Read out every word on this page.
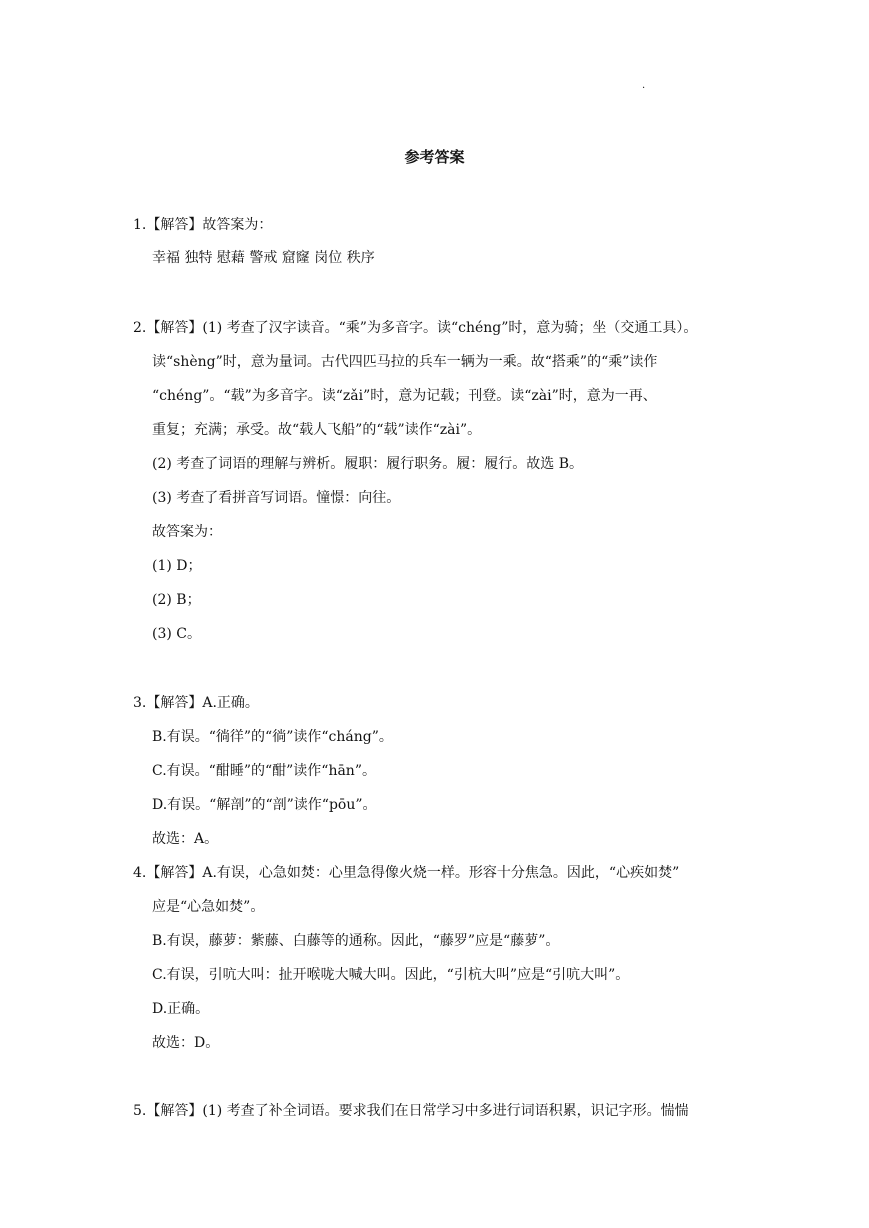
.
参考答案
1.【解答】故答案为：
幸福 独特 慰藉 警戒 窟窿 岗位 秩序
2.【解答】(1) 考查了汉字读音。“乘”为多音字。读“chéng”时，意为骑；坐（交通工具）。
读“shèng”时，意为量词。古代四匹马拉的兵车一辆为一乘。故“搭乘”的“乘”读作
“chéng”。“载”为多音字。读“zǎi”时，意为记载；刊登。读“zài”时，意为一再、
重复；充满；承受。故“载人飞船”的“载”读作“zài”。
(2) 考查了词语的理解与辨析。履职：履行职务。履：履行。故选 B。
(3) 考查了看拼音写词语。憧憬：向往。
故答案为：
(1) D；
(2) B；
(3) C。
3.【解答】A.正确。
B.有误。“徜徉”的“徜”读作“cháng”。
C.有误。“酣睡”的“酣”读作“hān”。
D.有误。“解剖”的“剖”读作“pōu”。
故选：A。
4.【解答】A.有误，心急如焚：心里急得像火烧一样。形容十分焦急。因此，“心疾如焚”
应是“心急如焚”。
B.有误，藤萝：紫藤、白藤等的通称。因此，“藤罗”应是“藤萝”。
C.有误，引吭大叫：扯开喉咙大喊大叫。因此，“引杭大叫”应是“引吭大叫”。
D.正确。
故选：D。
5.【解答】(1) 考查了补全词语。要求我们在日常学习中多进行词语积累，识记字形。惴惴
